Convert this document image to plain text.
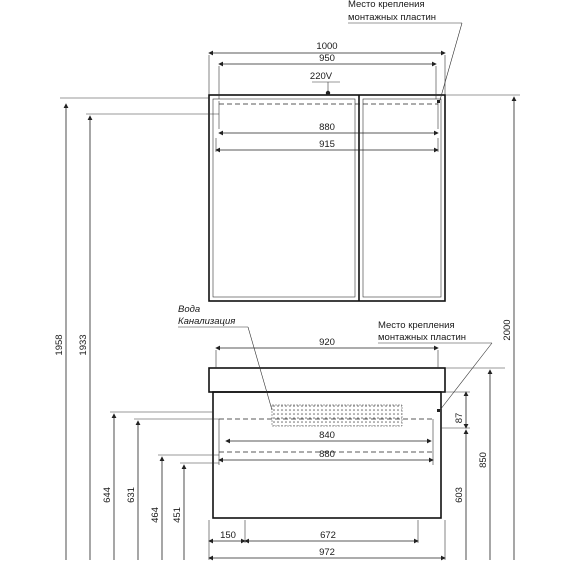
1000
950
220V
880
915
Место крепления
монтажных пластин
920
840
880
150	672
972
Вода
Канализация	Место крепления
монтажных пластин
1958 1933
644 631
464 451
87
603
850
2000
